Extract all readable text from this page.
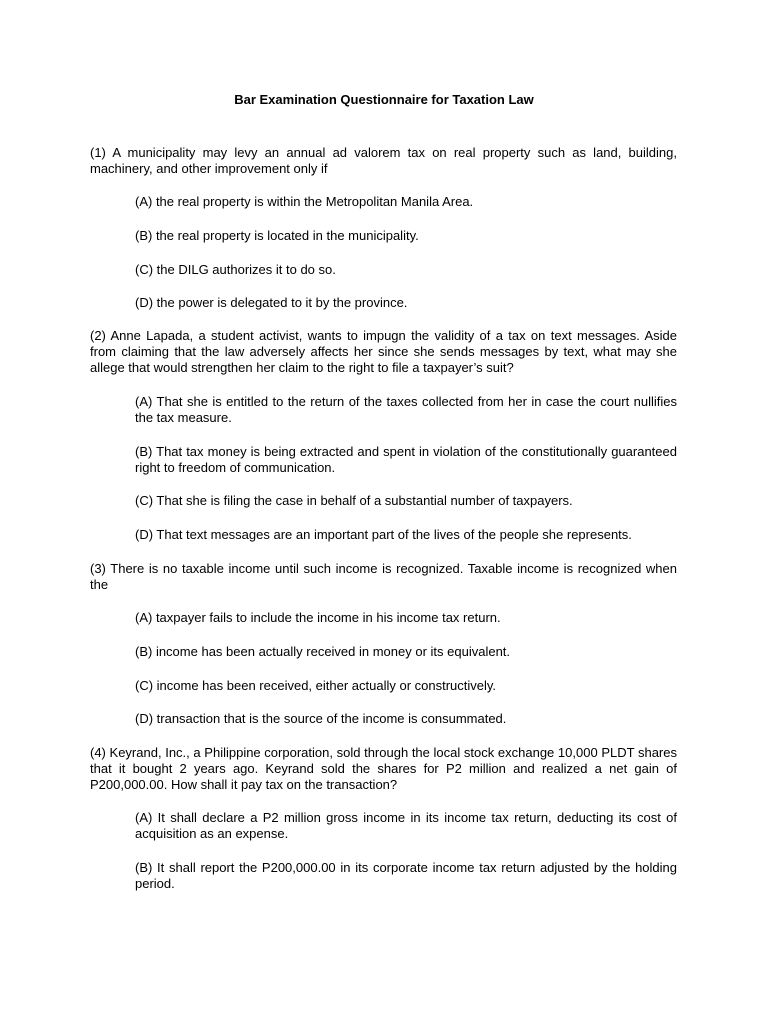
Bar Examination Questionnaire for Taxation Law
(1) A municipality may levy an annual ad valorem tax on real property such as land, building, machinery, and other improvement only if
(A) the real property is within the Metropolitan Manila Area.
(B) the real property is located in the municipality.
(C) the DILG authorizes it to do so.
(D) the power is delegated to it by the province.
(2) Anne Lapada, a student activist, wants to impugn the validity of a tax on text messages. Aside from claiming that the law adversely affects her since she sends messages by text, what may she allege that would strengthen her claim to the right to file a taxpayer’s suit?
(A) That she is entitled to the return of the taxes collected from her in case the court nullifies the tax measure.
(B) That tax money is being extracted and spent in violation of the constitutionally guaranteed right to freedom of communication.
(C) That she is filing the case in behalf of a substantial number of taxpayers.
(D) That text messages are an important part of the lives of the people she represents.
(3) There is no taxable income until such income is recognized. Taxable income is recognized when the
(A) taxpayer fails to include the income in his income tax return.
(B) income has been actually received in money or its equivalent.
(C) income has been received, either actually or constructively.
(D) transaction that is the source of the income is consummated.
(4) Keyrand, Inc., a Philippine corporation, sold through the local stock exchange 10,000 PLDT shares that it bought 2 years ago. Keyrand sold the shares for P2 million and realized a net gain of P200,000.00. How shall it pay tax on the transaction?
(A) It shall declare a P2 million gross income in its income tax return, deducting its cost of acquisition as an expense.
(B) It shall report the P200,000.00 in its corporate income tax return adjusted by the holding period.
